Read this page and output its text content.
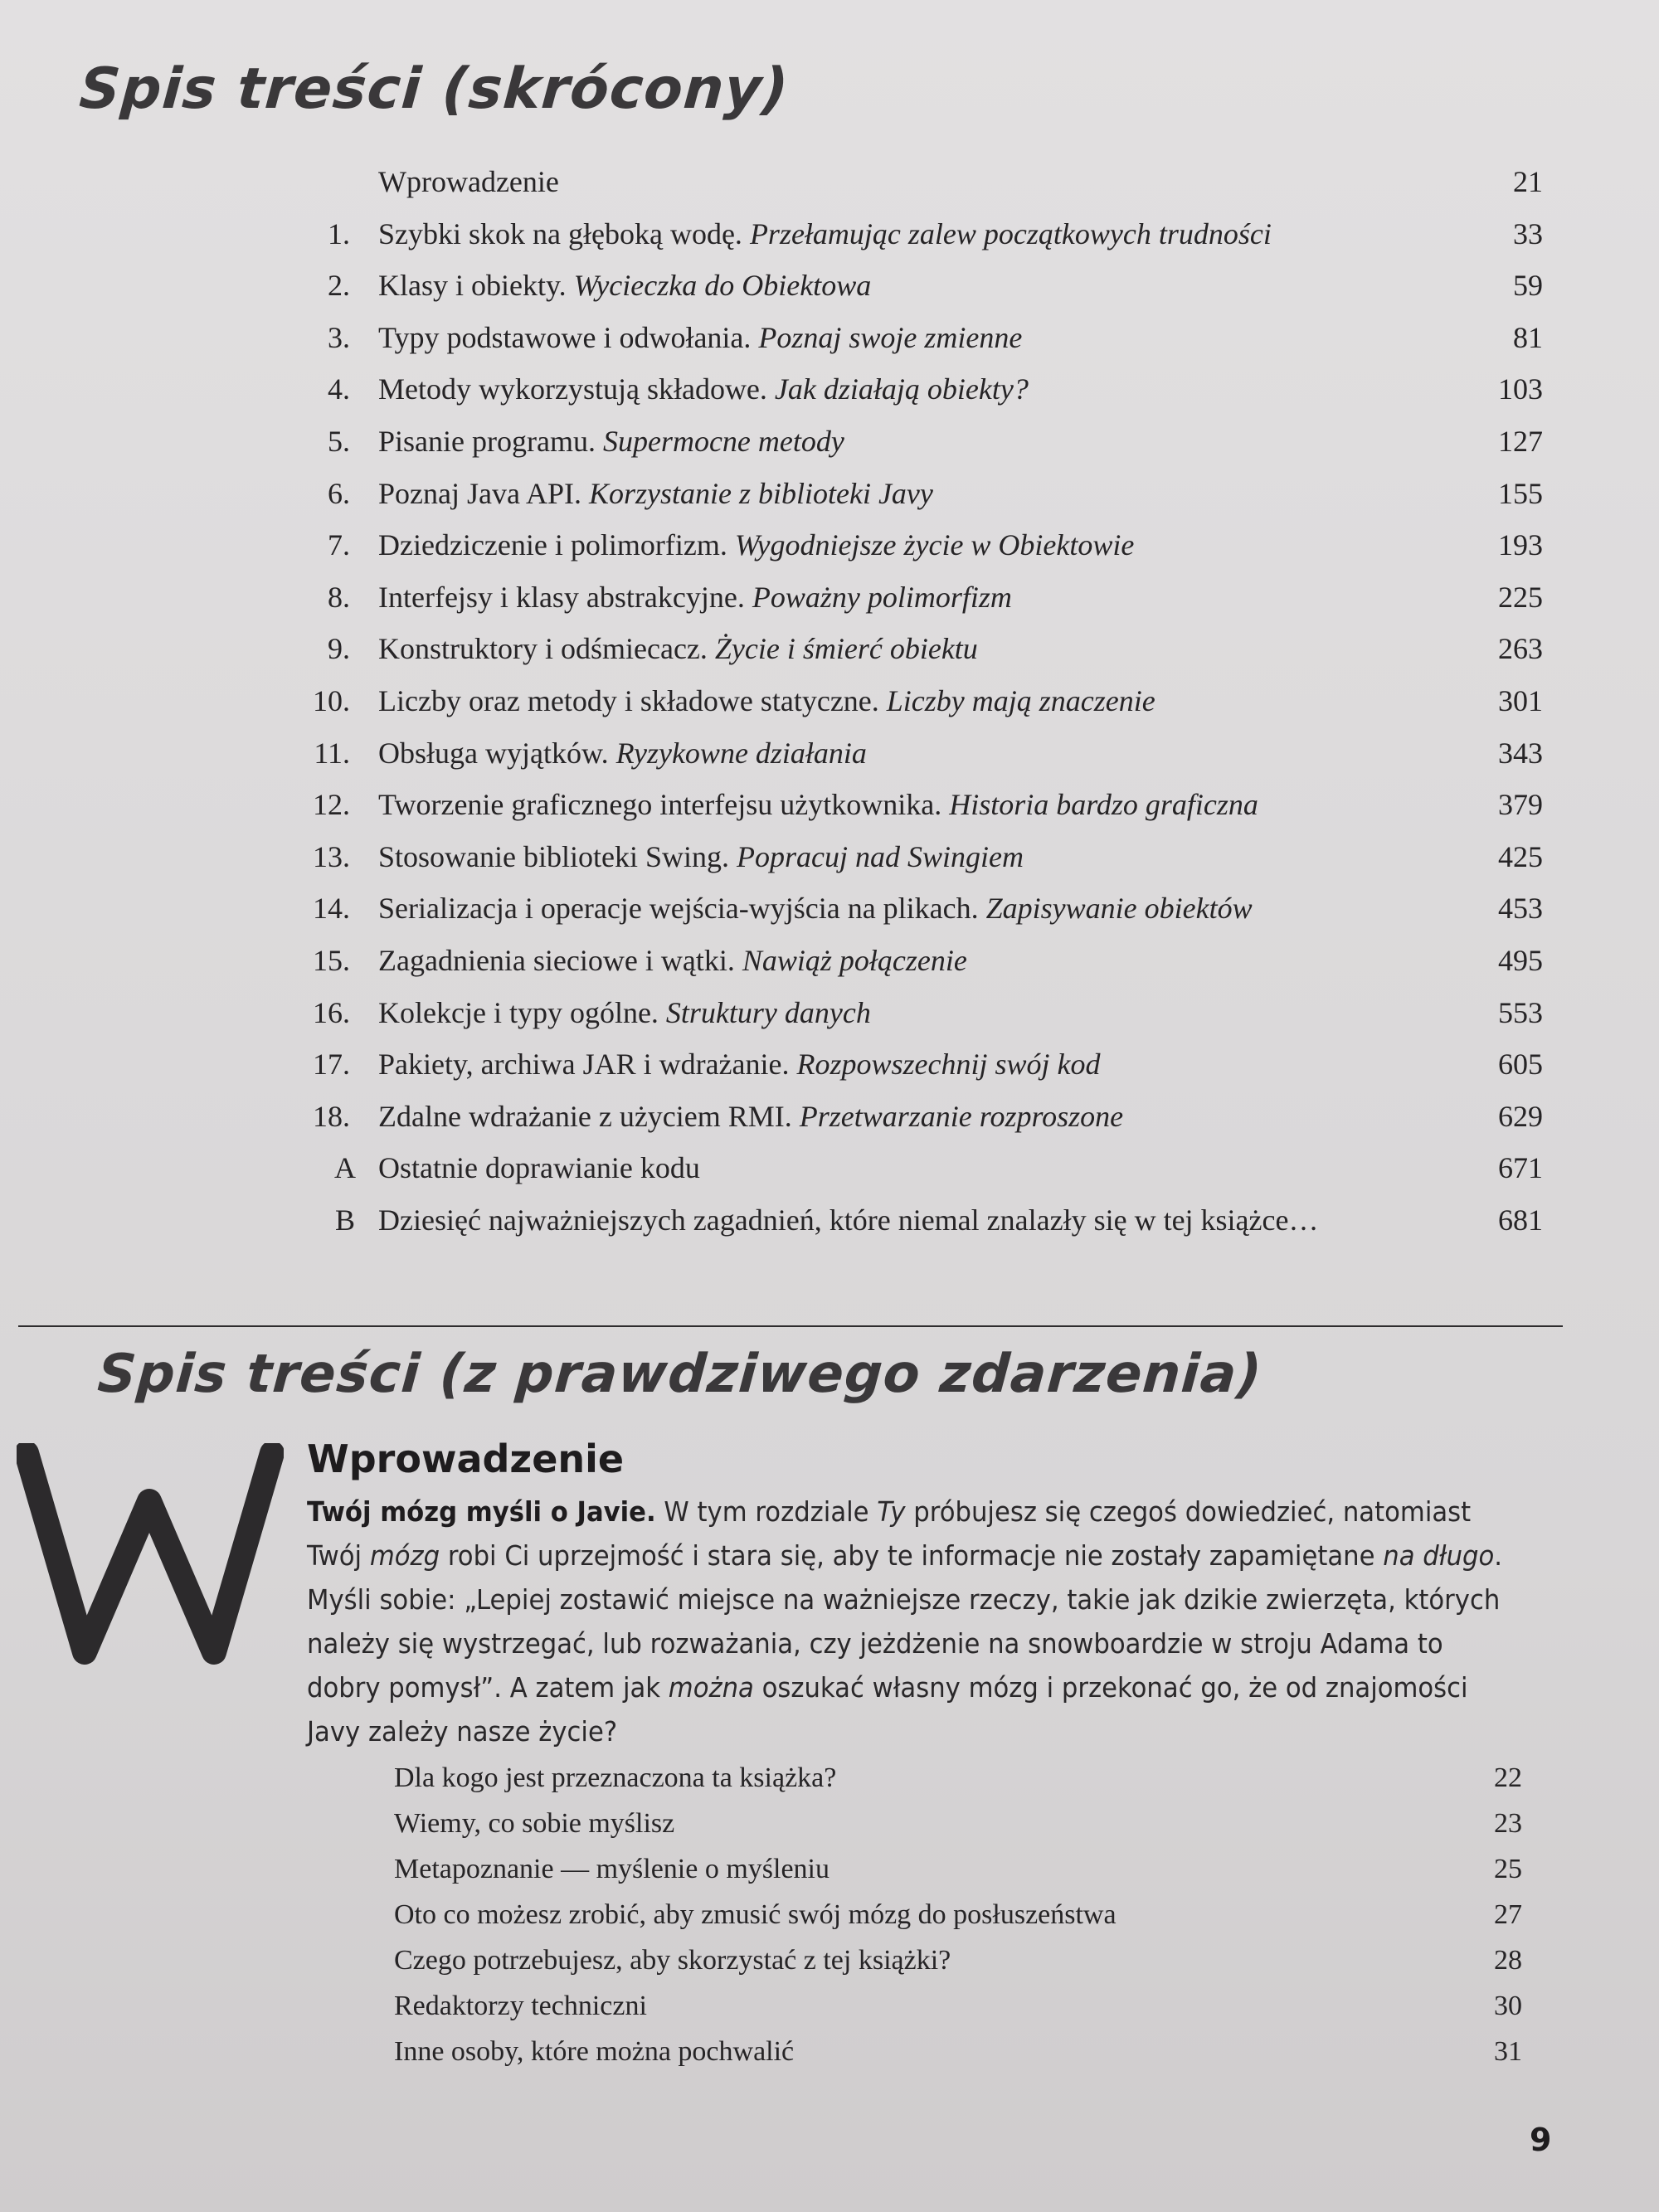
Spis treści (skrócony)
Wprowadzenie	21
1. Szybki skok na głęboką wodę. Przełamując zalew początkowych trudności	33
2. Klasy i obiekty. Wycieczka do Obiektowa	59
3. Typy podstawowe i odwołania. Poznaj swoje zmienne	81
4. Metody wykorzystują składowe. Jak działają obiekty?	103
5. Pisanie programu. Supermocne metody	127
6. Poznaj Java API. Korzystanie z biblioteki Javy	155
7. Dziedziczenie i polimorfizm. Wygodniejsze życie w Obiektowie	193
8. Interfejsy i klasy abstrakcyjne. Poważny polimorfizm	225
9. Konstruktory i odśmiecacz. Życie i śmierć obiektu	263
10. Liczby oraz metody i składowe statyczne. Liczby mają znaczenie	301
11. Obsługa wyjątków. Ryzykowne działania	343
12. Tworzenie graficznego interfejsu użytkownika. Historia bardzo graficzna	379
13. Stosowanie biblioteki Swing. Popracuj nad Swingiem	425
14. Serializacja i operacje wejścia-wyjścia na plikach. Zapisywanie obiektów	453
15. Zagadnienia sieciowe i wątki. Nawiąż połączenie	495
16. Kolekcje i typy ogólne. Struktury danych	553
17. Pakiety, archiwa JAR i wdrażanie. Rozpowszechnij swój kod	605
18. Zdalne wdrażanie z użyciem RMI. Przetwarzanie rozproszone	629
A Ostatnie doprawianie kodu	671
B Dziesięć najważniejszych zagadnień, które niemal znalazły się w tej książce…	681
Spis treści (z prawdziwego zdarzenia)
Wprowadzenie
Twój mózg myśli o Javie. W tym rozdziale Ty próbujesz się czegoś dowiedzieć, natomiast Twój mózg robi Ci uprzejmość i stara się, aby te informacje nie zostały zapamiętane na długo. Myśli sobie: „Lepiej zostawić miejsce na ważniejsze rzeczy, takie jak dzikie zwierzęta, których należy się wystrzegać, lub rozważania, czy jeżdżenie na snowboardzie w stroju Adama to dobry pomysł”. A zatem jak można oszukać własny mózg i przekonać go, że od znajomości Javy zależy nasze życie?
Dla kogo jest przeznaczona ta książka?	22
Wiemy, co sobie myślisz	23
Metapoznanie — myślenie o myśleniu	25
Oto co możesz zrobić, aby zmusić swój mózg do posłuszeństwa	27
Czego potrzebujesz, aby skorzystać z tej książki?	28
Redaktorzy techniczni	30
Inne osoby, które można pochwalić	31
9
